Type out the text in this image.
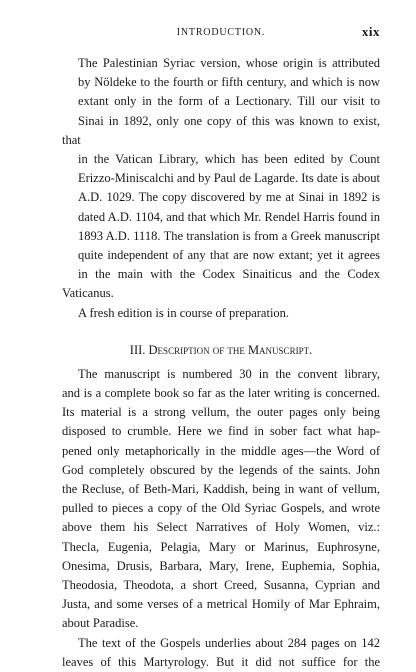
INTRODUCTION.	xix

The Palestinian Syriac version, whose origin is attributed
by Nöldeke to the fourth or fifth century, and which is now
extant only in the form of a Lectionary. Till our visit to
Sinai in 1892, only one copy of this was known to exist, that
in the Vatican Library, which has been edited by Count
Erizzo-Miniscalchi and by Paul de Lagarde. Its date is about
A.D. 1029. The copy discovered by me at Sinai in 1892 is
dated A.D. 1104, and that which Mr. Rendel Harris found in
1893 A.D. 1118. The translation is from a Greek manuscript
quite independent of any that are now extant; yet it agrees
in the main with the Codex Sinaiticus and the Codex Vaticanus.
A fresh edition is in course of preparation.

III. Description of the Manuscript.

The manuscript is numbered 30 in the convent library,
and is a complete book so far as the later writing is concerned.
Its material is a strong vellum, the outer pages only being
disposed to crumble. Here we find in sober fact what hap-
pened only metaphorically in the middle ages—the Word of
God completely obscured by the legends of the saints. John
the Recluse, of Beth-Mari, Kaddish, being in want of vellum,
pulled to pieces a copy of the Old Syriac Gospels, and wrote
above them his Select Narratives of Holy Women, viz.:
Thecla, Eugenia, Pelagia, Mary or Marinus, Euphrosyne,
Onesima, Drusis, Barbara, Mary, Irene, Euphemia, Sophia,
Theodosia, Theodota, a short Creed, Susanna, Cyprian and
Justa, and some verses of a metrical Homily of Mar Ephraim,
about Paradise.

The text of the Gospels underlies about 284 pages on 142
leaves of this Martyrology. But it did not suffice for the
